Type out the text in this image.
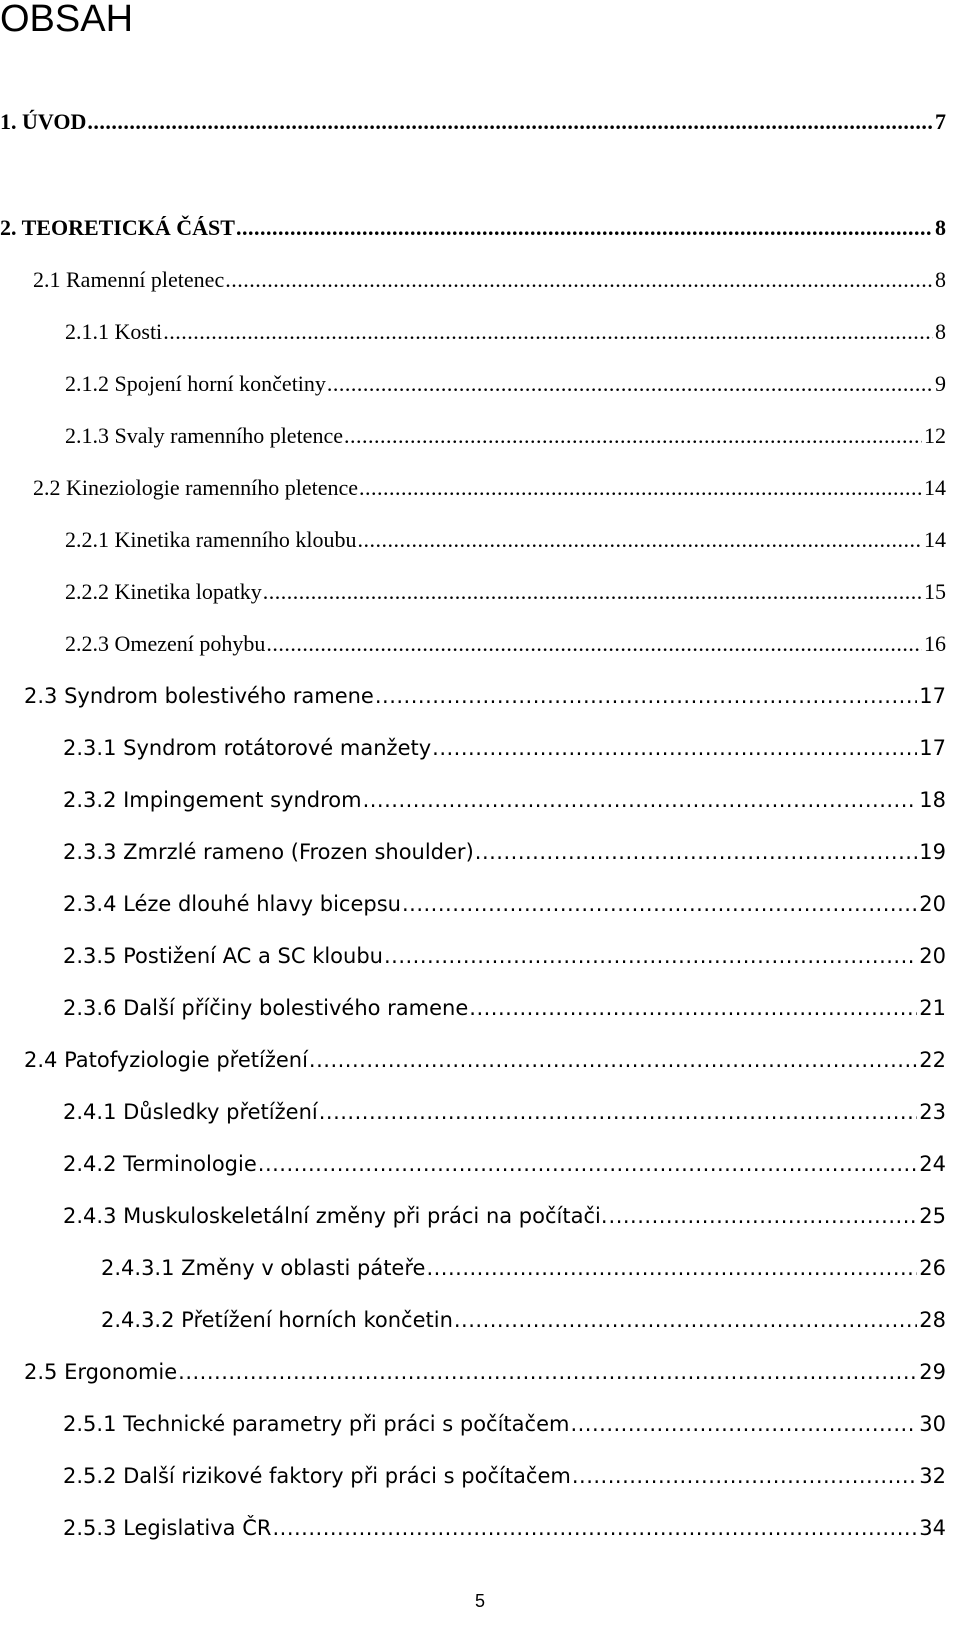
OBSAH
1. ÚVOD .....	7
2. TEORETICKÁ ČÁST .....	8
2.1 Ramenní pletenec .....	8
2.1.1 Kosti .....	8
2.1.2 Spojení horní končetiny .....	9
2.1.3 Svaly ramenního pletence .....	12
2.2 Kineziologie ramenního pletence .....	14
2.2.1 Kinetika ramenního kloubu .....	14
2.2.2 Kinetika lopatky .....	15
2.2.3 Omezení pohybu .....	16
2.3 Syndrom bolestivého ramene .....	17
2.3.1 Syndrom rotátorové manžety .....	17
2.3.2 Impingement syndrom .....	18
2.3.3 Zmrzlé rameno (Frozen shoulder) .....	19
2.3.4 Léze dlouhé hlavy bicepsu .....	20
2.3.5 Postižení AC a SC kloubu .....	20
2.3.6 Další příčiny bolestivého ramene .....	21
2.4 Patofyziologie přetížení .....	22
2.4.1 Důsledky přetížení .....	23
2.4.2 Terminologie .....	24
2.4.3 Muskuloskeletální změny při práci na počítači. .....	25
2.4.3.1 Změny v oblasti páteře .....	26
2.4.3.2 Přetížení horních končetin .....	28
2.5 Ergonomie .....	29
2.5.1 Technické parametry při práci s počítačem .....	30
2.5.2 Další rizikové faktory při práci s počítačem .....	32
2.5.3 Legislativa ČR .....	34
5
